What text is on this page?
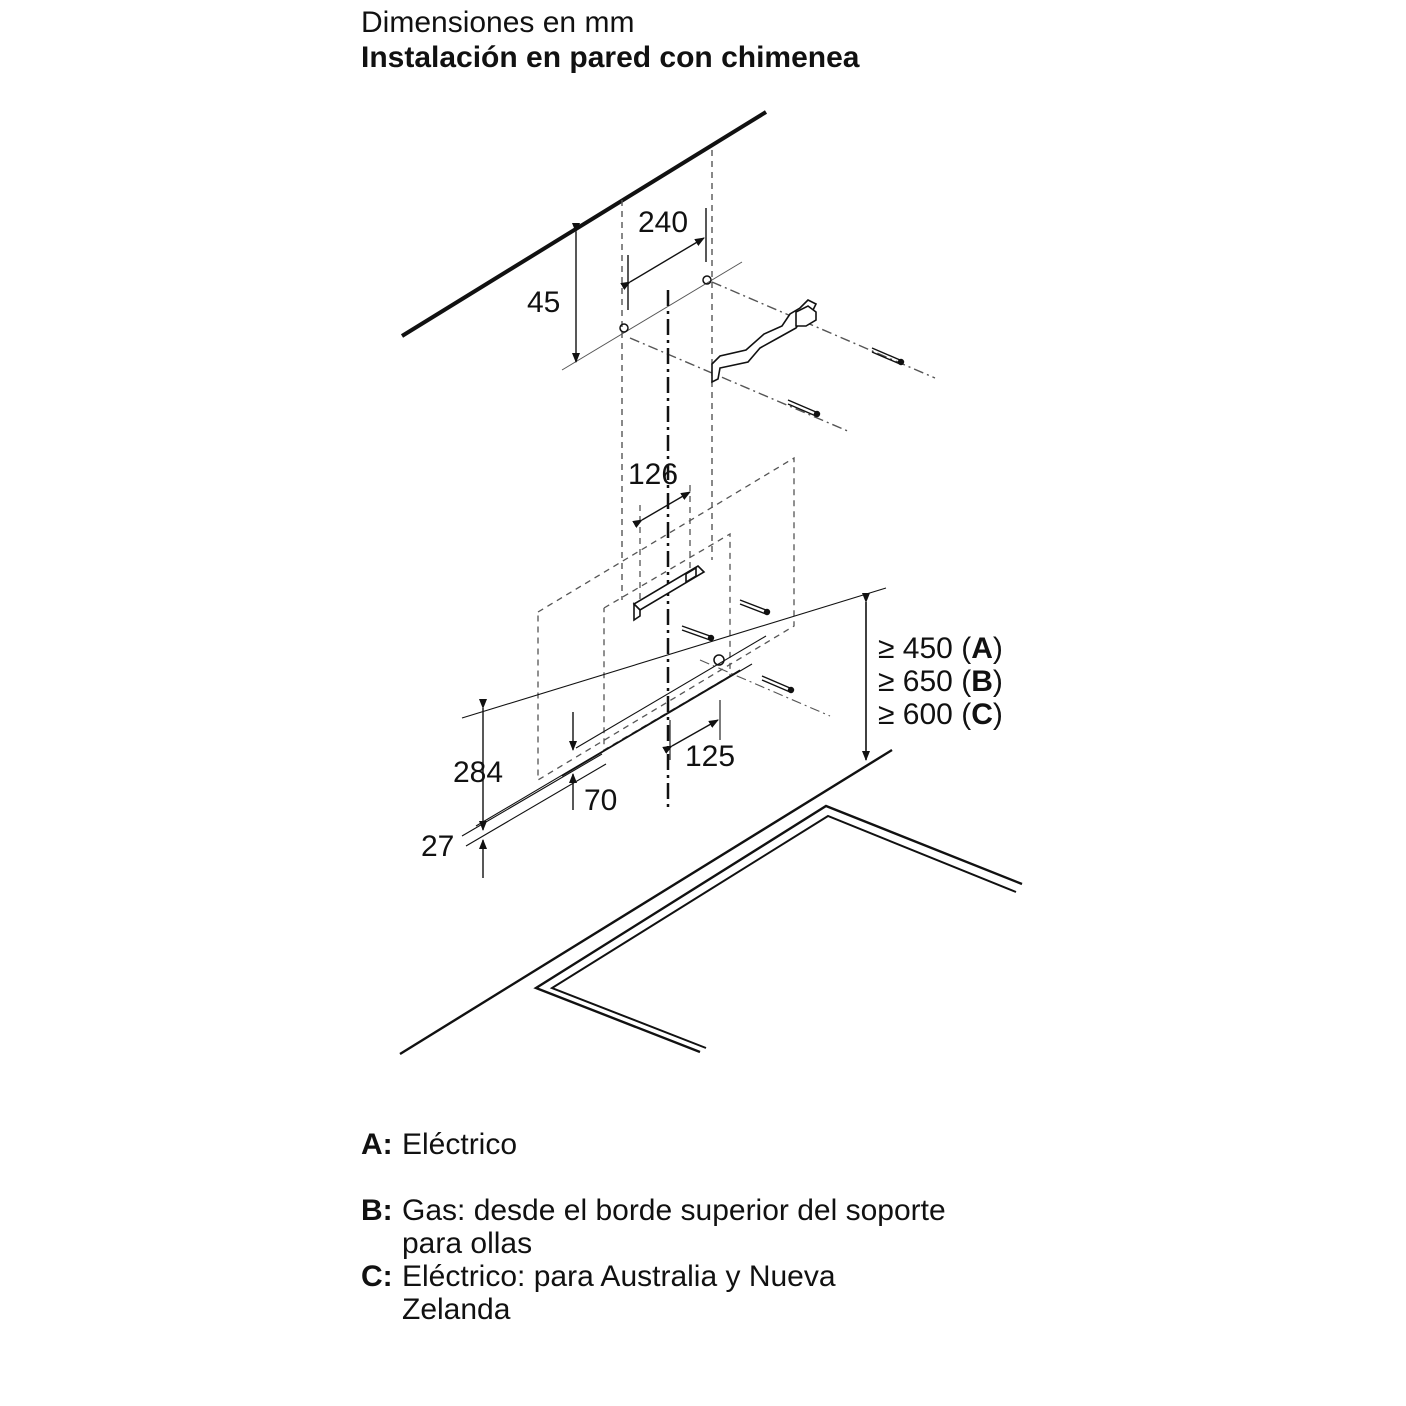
Dimensiones en mm
Instalación en pared con chimenea
240
45
126
284
27
70
125
≥ 450 (A)
≥ 650 (B)
≥ 600 (C)
A: Eléctrico
B: Gas: desde el borde superior del soporte para ollas
C: Eléctrico: para Australia y Nueva Zelanda
